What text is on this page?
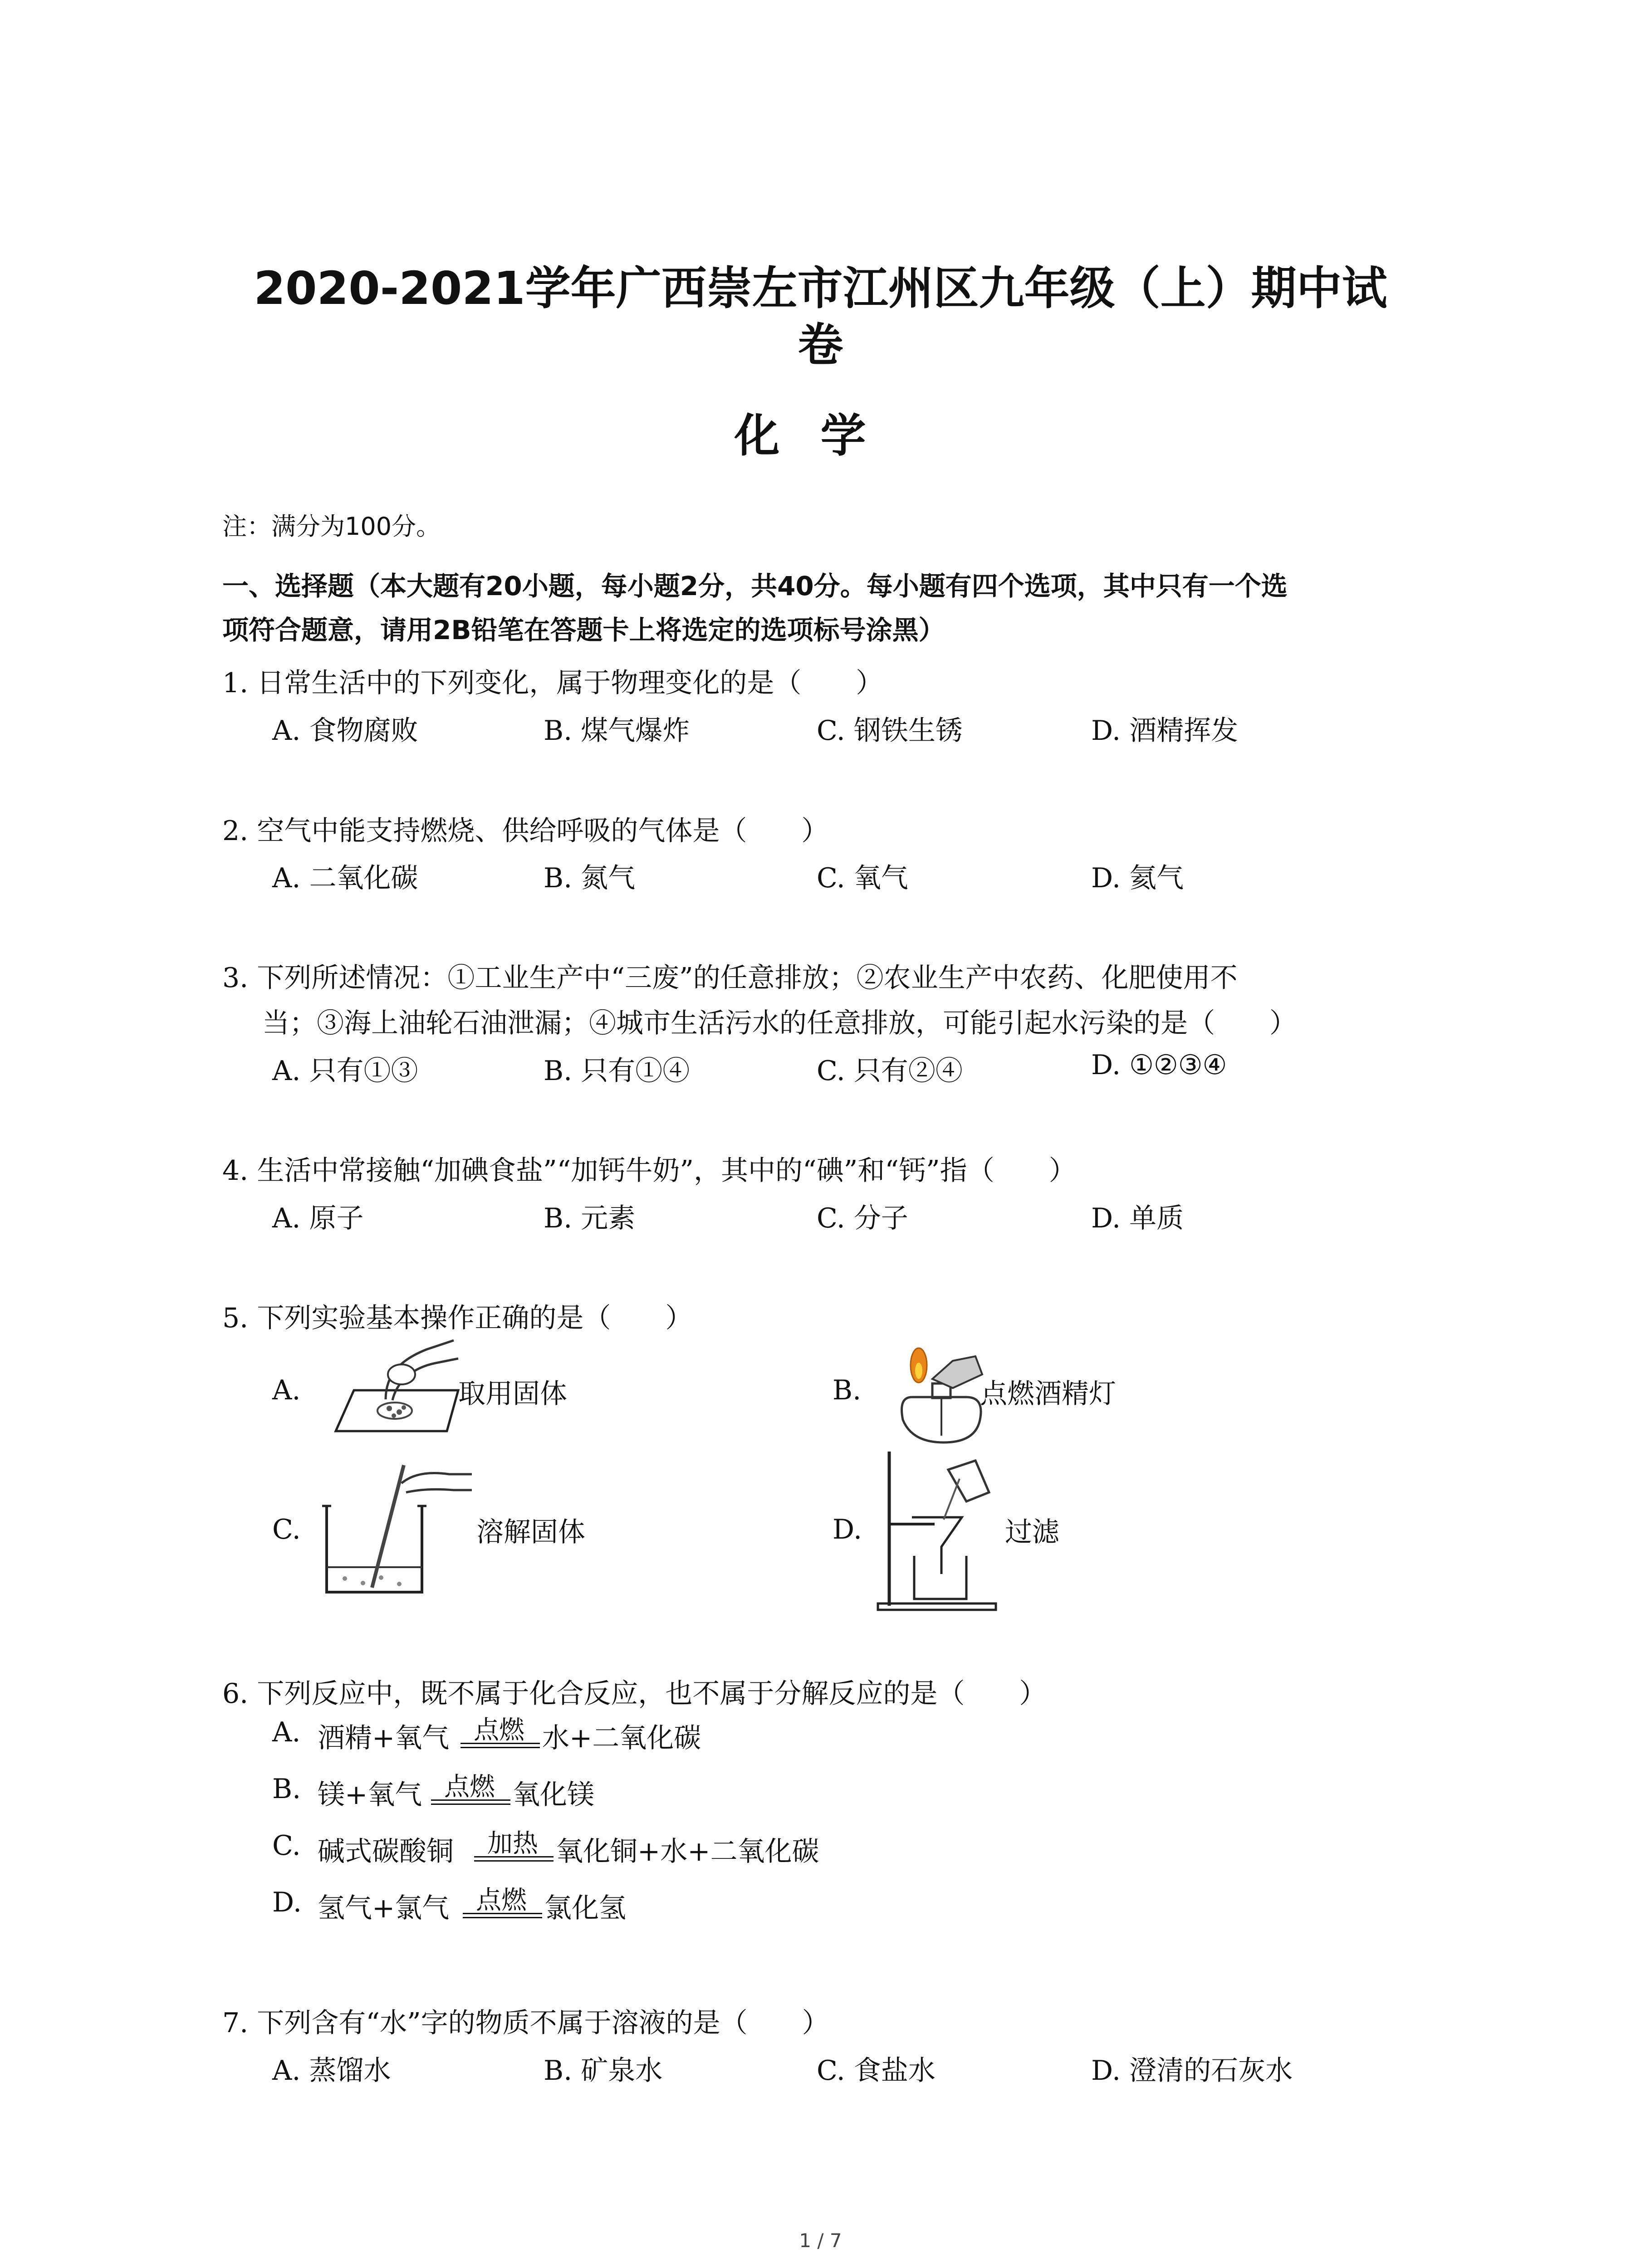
2020-2021学年广西崇左市江州区九年级（上）期中试
卷
化学
注：满分为100分。
一、选择题（本大题有20小题，每小题2分，共40分。每小题有四个选项，其中只有一个选
项符合题意，请用2B铅笔在答题卡上将选定的选项标号涂黑）
1. 日常生活中的下列变化，属于物理变化的是（　　）
A. 食物腐败	B. 煤气爆炸	C. 钢铁生锈	D. 酒精挥发
2. 空气中能支持燃烧、供给呼吸的气体是（　　）
A. 二氧化碳	B. 氮气	C. 氧气	D. 氦气
3. 下列所述情况：①工业生产中“三废”的任意排放；②农业生产中农药、化肥使用不
当；③海上油轮石油泄漏；④城市生活污水的任意排放，可能引起水污染的是（　　）
A. 只有①③	B. 只有①④	C. 只有②④	D. ①②③④
4. 生活中常接触“加碘食盐”“加钙牛奶”，其中的“碘”和“钙”指（　　）
A. 原子	B. 元素	C. 分子	D. 单质
5. 下列实验基本操作正确的是（　　）
A.	取用固体	B.	点燃酒精灯
C.	溶解固体	D.	过滤
6. 下列反应中，既不属于化合反应，也不属于分解反应的是（　　）
A. 酒精+氧气 点燃 水+二氧化碳
B. 镁+氧气 点燃 氧化镁
C. 碱式碳酸铜	加热 氧化铜+水+二氧化碳
D. 氢气+氯气	点燃 氯化氢
7. 下列含有“水”字的物质不属于溶液的是（　　）
A. 蒸馏水	B. 矿泉水	C. 食盐水	D. 澄清的石灰水
1 / 7
